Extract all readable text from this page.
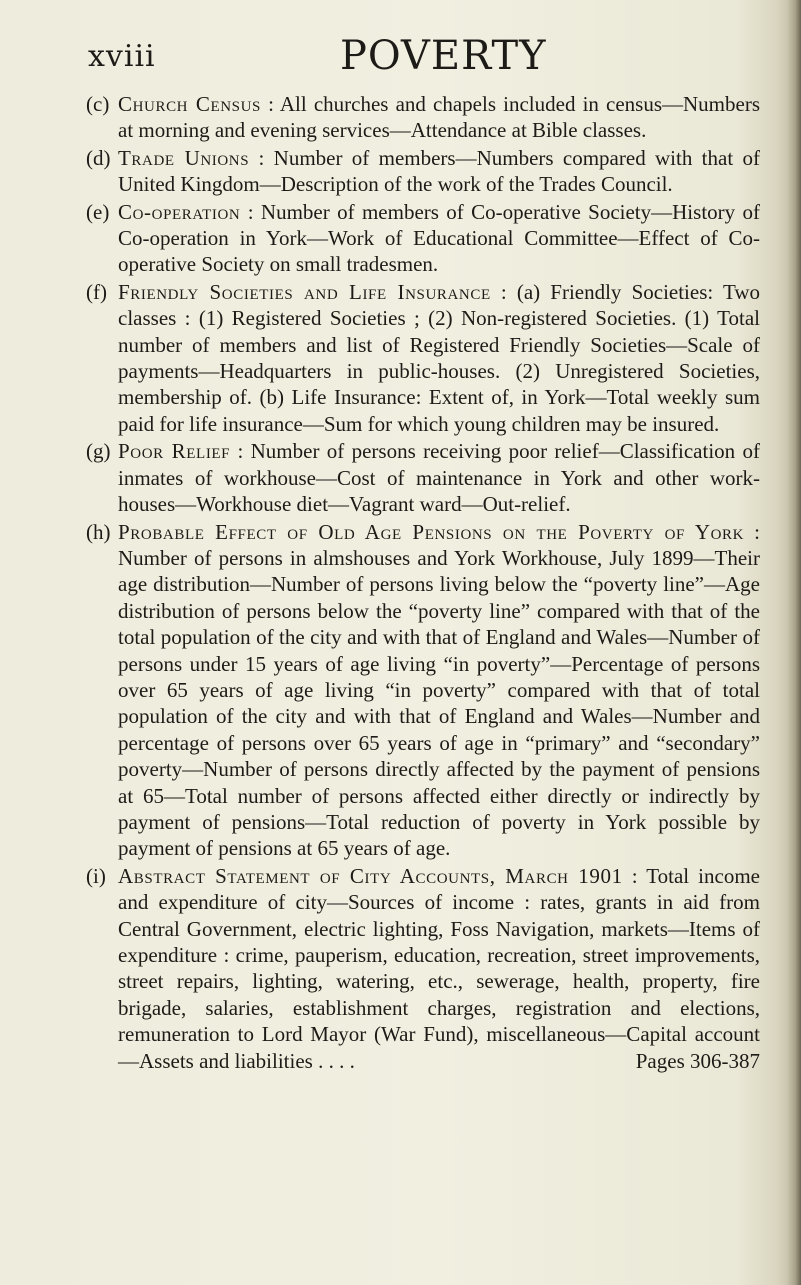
xviii	POVERTY

(c) Church Census : All churches and chapels included in census—Numbers at morning and evening services—Attendance at Bible classes.

(d) Trade Unions : Number of members—Numbers compared with that of United Kingdom—Description of the work of the Trades Council.

(e) Co-operation : Number of members of Co-operative Society—History of Co-operation in York—Work of Educational Committee—Effect of Co-operative Society on small tradesmen.

(f) Friendly Societies and Life Insurance : (a) Friendly Societies: Two classes : (1) Registered Societies ; (2) Non-registered Societies. (1) Total number of members and list of Registered Friendly Societies—Scale of payments—Headquarters in public-houses. (2) Unregistered Societies, membership of. (b) Life Insurance: Extent of, in York—Total weekly sum paid for life insurance—Sum for which young children may be insured.

(g) Poor Relief : Number of persons receiving poor relief—Classification of inmates of workhouse—Cost of maintenance in York and other work-houses—Workhouse diet—Vagrant ward—Out-relief.

(h) Probable Effect of Old Age Pensions on the Poverty of York : Number of persons in almshouses and York Workhouse, July 1899—Their age distribution—Number of persons living below the “poverty line”—Age distribution of persons below the “poverty line” compared with that of the total population of the city and with that of England and Wales—Number of persons under 15 years of age living “in poverty”—Percentage of persons over 65 years of age living “in poverty” compared with that of total population of the city and with that of England and Wales—Number and percentage of persons over 65 years of age in “primary” and “secondary” poverty—Number of persons directly affected by the payment of pensions at 65—Total number of persons affected either directly or indirectly by payment of pensions—Total reduction of poverty in York possible by payment of pensions at 65 years of age.

(i) Abstract Statement of City Accounts, March 1901 : Total income and expenditure of city—Sources of income : rates, grants in aid from Central Government, electric lighting, Foss Navigation, markets—Items of expenditure : crime, pauperism, education, recreation, street improvements, street repairs, lighting, watering, etc., sewerage, health, property, fire brigade, salaries, establishment charges, registration and elections, remuneration to Lord Mayor (War Fund), miscellaneous—Capital account—Assets and liabilities . . . .	Pages 306-387
